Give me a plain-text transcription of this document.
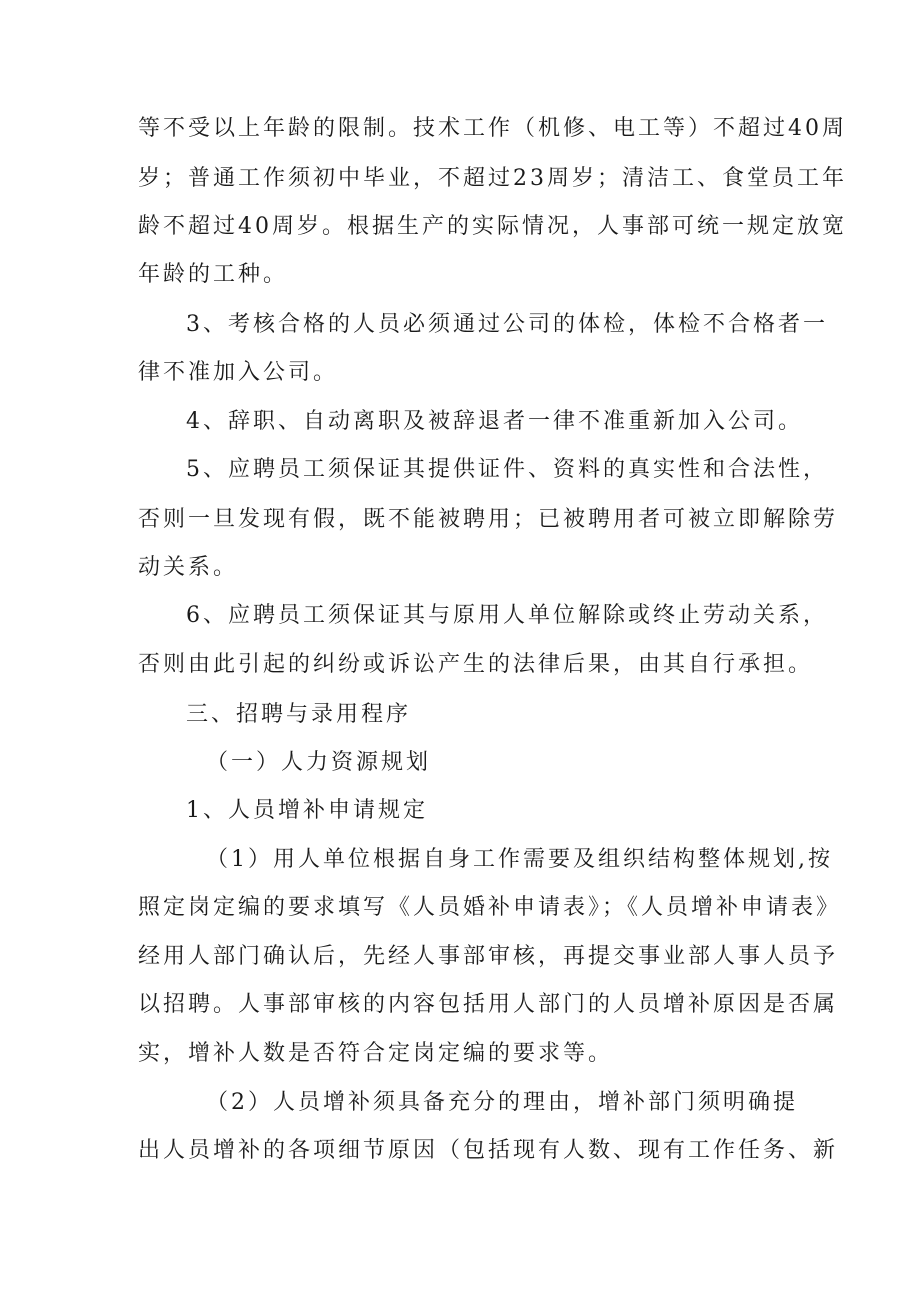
等不受以上年龄的限制。技术工作（机修、电工等）不超过40周

岁；普通工作须初中毕业，不超过23周岁；清洁工、食堂员工年

龄不超过40周岁。根据生产的实际情况，人事部可统一规定放宽

年龄的工种。

3、考核合格的人员必须通过公司的体检，体检不合格者一

律不准加入公司。

4、辞职、自动离职及被辞退者一律不准重新加入公司。

5、应聘员工须保证其提供证件、资料的真实性和合法性，

否则一旦发现有假，既不能被聘用；已被聘用者可被立即解除劳

动关系。

6、应聘员工须保证其与原用人单位解除或终止劳动关系，

否则由此引起的纠纷或诉讼产生的法律后果，由其自行承担。

三、招聘与录用程序

（一）人力资源规划

1、人员增补申请规定

（1）用人单位根据自身工作需要及组织结构整体规划,按

照定岗定编的要求填写《人员婚补申请表》；《人员增补申请表》

经用人部门确认后，先经人事部审核，再提交事业部人事人员予

以招聘。人事部审核的内容包括用人部门的人员增补原因是否属

实，增补人数是否符合定岗定编的要求等。

（2）人员增补须具备充分的理由，增补部门须明确提

出人员增补的各项细节原因（包括现有人数、现有工作任务、新
